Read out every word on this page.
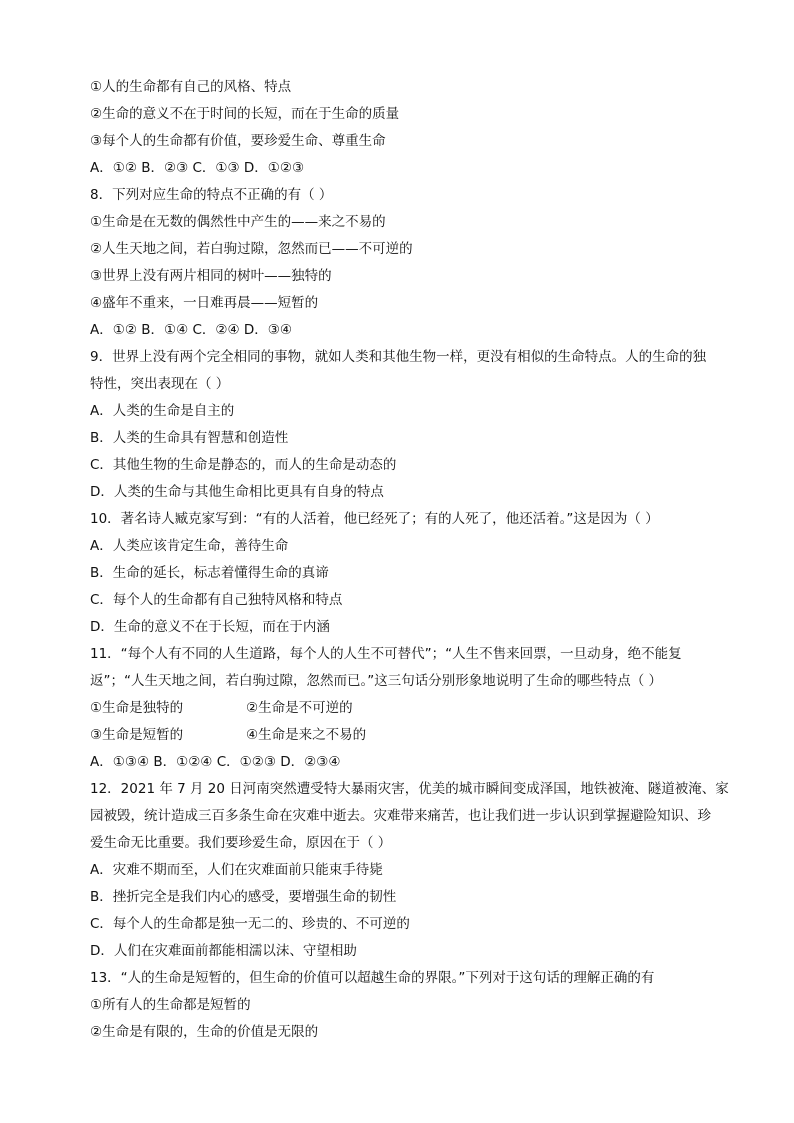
①人的生命都有自己的风格、特点
②生命的意义不在于时间的长短，而在于生命的质量
③每个人的生命都有价值，要珍爱生命、尊重生命
A．①② B．②③ C．①③ D．①②③
8．下列对应生命的特点不正确的有（ ）
①生命是在无数的偶然性中产生的——来之不易的
②人生天地之间，若白驹过隙，忽然而已——不可逆的
③世界上没有两片相同的树叶——独特的
④盛年不重来，一日难再晨——短暂的
A．①② B．①④ C．②④ D．③④
9．世界上没有两个完全相同的事物，就如人类和其他生物一样，更没有相似的生命特点。人的生命的独
特性，突出表现在（ ）
A．人类的生命是自主的
B．人类的生命具有智慧和创造性
C．其他生物的生命是静态的，而人的生命是动态的
D．人类的生命与其他生命相比更具有自身的特点
10．著名诗人臧克家写到：“有的人活着，他已经死了；有的人死了，他还活着。”这是因为（ ）
A．人类应该肯定生命，善待生命
B．生命的延长，标志着懂得生命的真谛
C．每个人的生命都有自己独特风格和特点
D．生命的意义不在于长短，而在于内涵
11．“每个人有不同的人生道路，每个人的人生不可替代”；“人生不售来回票，一旦动身，绝不能复
返”；“人生天地之间，若白驹过隙，忽然而已。”这三句话分别形象地说明了生命的哪些特点（ ）
①生命是独特的	②生命是不可逆的
③生命是短暂的	④生命是来之不易的
A．①③④ B．①②④ C．①②③ D．②③④
12．2021 年 7 月 20 日河南突然遭受特大暴雨灾害，优美的城市瞬间变成泽国，地铁被淹、隧道被淹、家
园被毁，统计造成三百多条生命在灾难中逝去。灾难带来痛苦，也让我们进一步认识到掌握避险知识、珍
爱生命无比重要。我们要珍爱生命，原因在于（ ）
A．灾难不期而至，人们在灾难面前只能束手待毙
B．挫折完全是我们内心的感受，要增强生命的韧性
C．每个人的生命都是独一无二的、珍贵的、不可逆的
D．人们在灾难面前都能相濡以沫、守望相助
13．“人的生命是短暂的，但生命的价值可以超越生命的界限。”下列对于这句话的理解正确的有
①所有人的生命都是短暂的
②生命是有限的，生命的价值是无限的
